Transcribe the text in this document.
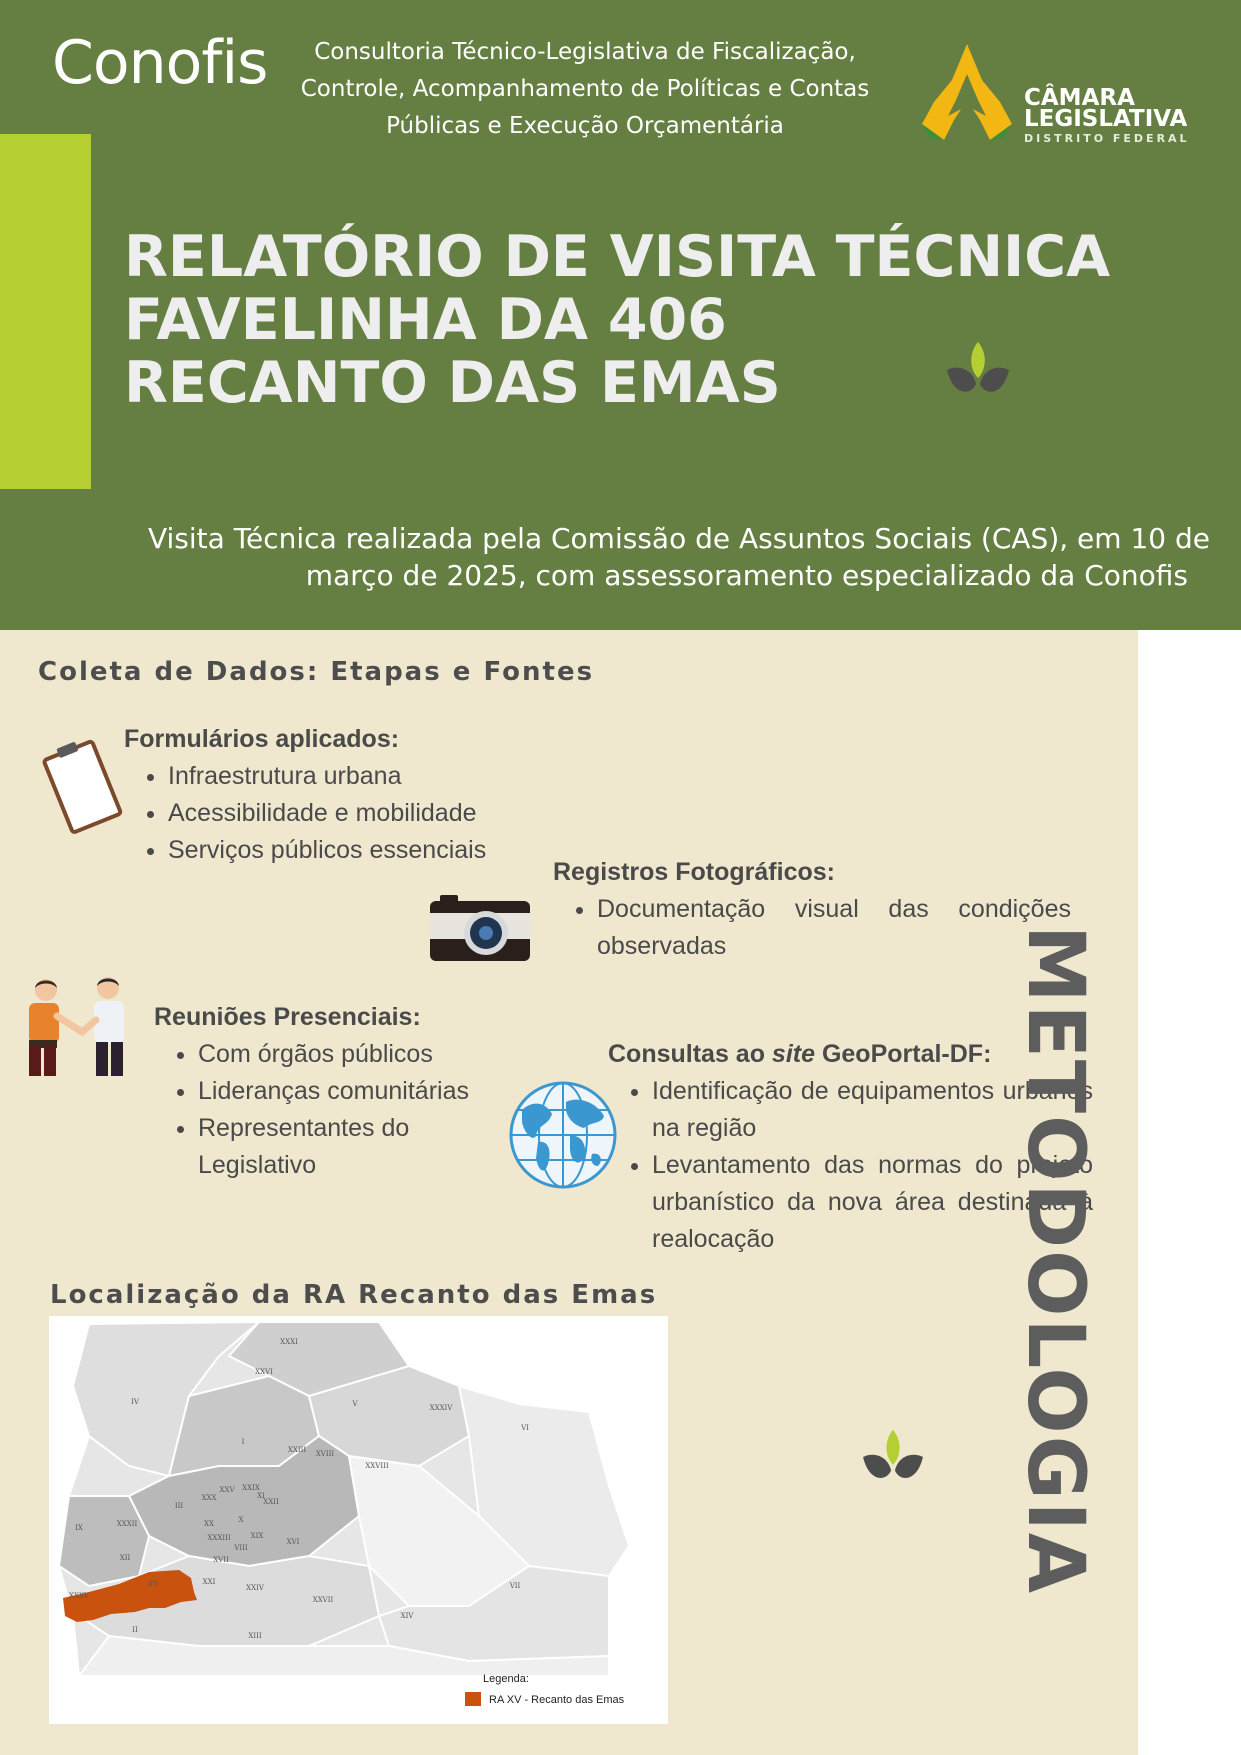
Conofis	Consultoria Técnico-Legislativa de Fiscalização,
Controle, Acompanhamento de Políticas e Contas
Públicas e Execução Orçamentária
CÂMARA
LEGISLATIVA
DISTRITO FEDERAL
RELATÓRIO DE VISITA TÉCNICA
FAVELINHA DA 406
RECANTO DAS EMAS
Visita Técnica realizada pela Comissão de Assuntos Sociais (CAS), em 10 de
março de 2025, com assessoramento especializado da Conofis
Coleta de Dados: Etapas e Fontes
Formulários aplicados:
• Infraestrutura urbana
• Acessibilidade e mobilidade
• Serviços públicos essenciais
Registros Fotográficos:
• Documentação visual das condições observadas
Reuniões Presenciais:
• Com órgãos públicos
• Lideranças comunitárias
• Representantes do Legislativo
Consultas ao site GeoPortal-DF:
• Identificação de equipamentos urbanos na região
• Levantamento das normas do projeto urbanístico da nova área destinada à realocação	METODOLOGIA
Localização da RA Recanto das Emas
XXXI
XXVI
IV	V	XXXIV
VI
I
XXIII XVIII
XXVIII
XXV XXIX
XI
XXX	XXII
III
XXXII	XX	X
IX
XXXIII	XIX
XVI
VIII
XII	XVII
XXXV
XV	XXI
XXIV
XXVII
XIV
VII
II
XIII
Legenda:
RA XV - Recanto das Emas
